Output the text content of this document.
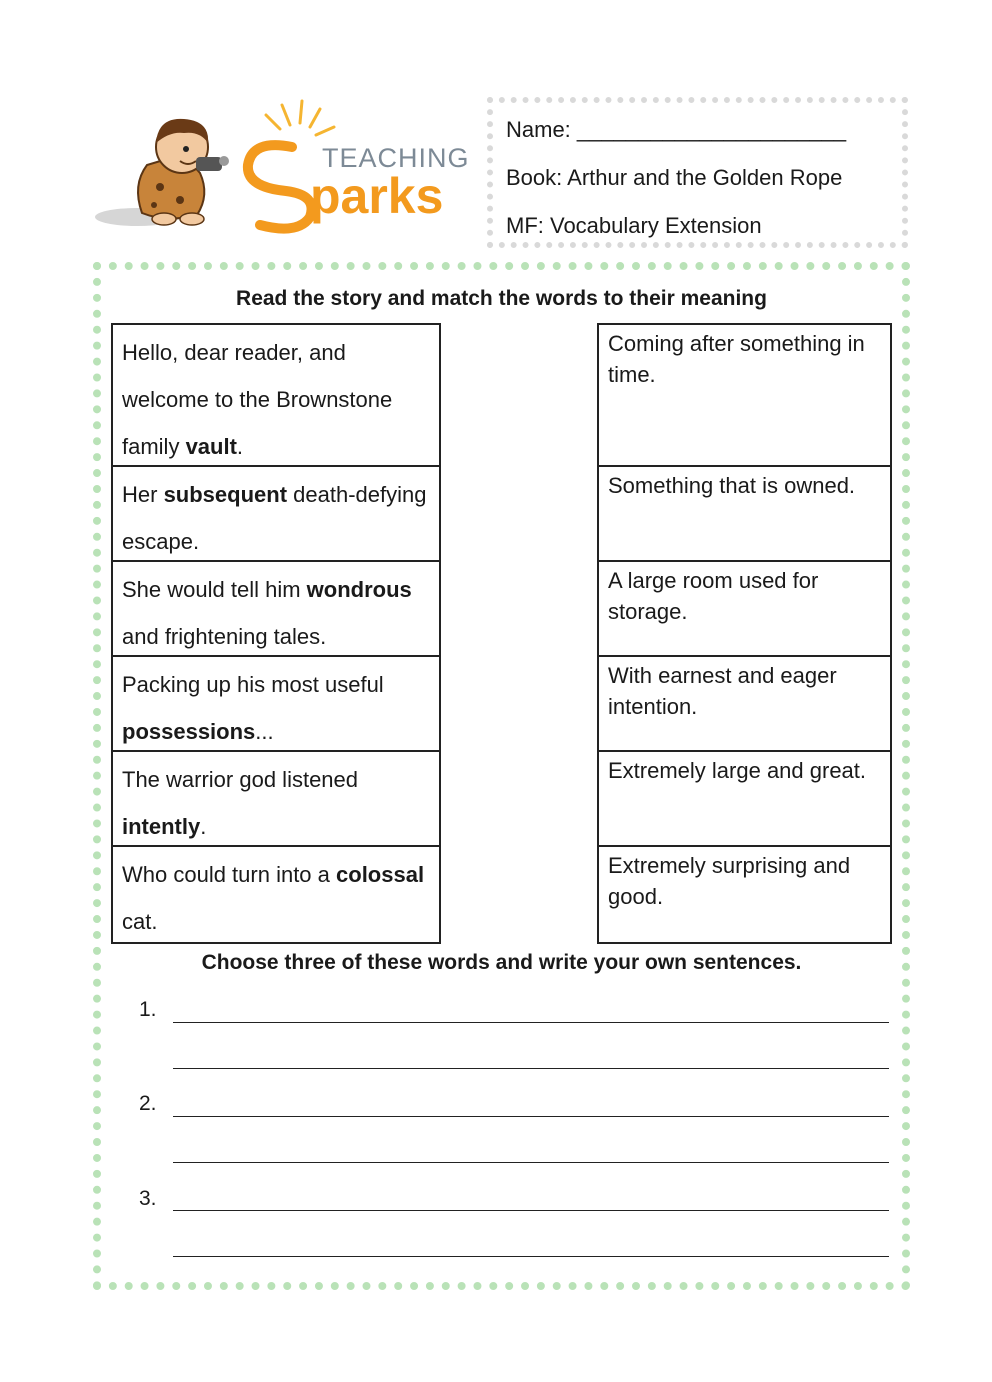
TEACHING
parks
Name: ______________________
Book: Arthur and the Golden Rope
MF: Vocabulary Extension
Read the story and match the words to their meaning
Hello, dear reader, and welcome to the Brownstone family vault.
Her subsequent death-defying escape.
She would tell him wondrous and frightening tales.
Packing up his most useful possessions...
The warrior god listened intently.
Who could turn into a colossal cat.
Coming after something in time.
Something that is owned.
A large room used for storage.
With earnest and eager intention.
Extremely large and great.
Extremely surprising and good.
Choose three of these words and write your own sentences.
1.
2.
3.
